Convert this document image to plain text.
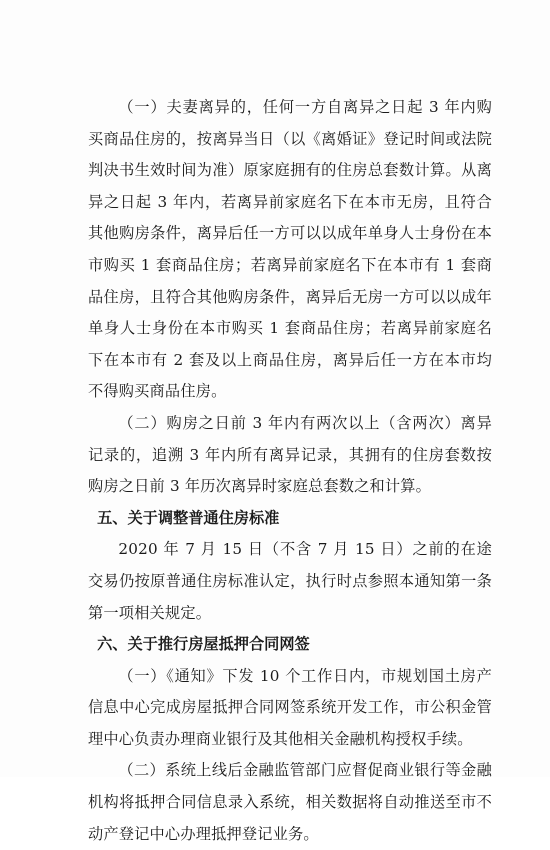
（一）夫妻离异的，任何一方自离异之日起 3 年内购买商品住房的，按离异当日（以《离婚证》登记时间或法院判决书生效时间为准）原家庭拥有的住房总套数计算。从离异之日起 3 年内，若离异前家庭名下在本市无房，且符合其他购房条件，离异后任一方可以以成年单身人士身份在本市购买 1 套商品住房；若离异前家庭名下在本市有 1 套商品住房，且符合其他购房条件，离异后无房一方可以以成年单身人士身份在本市购买 1 套商品住房；若离异前家庭名下在本市有 2 套及以上商品住房，离异后任一方在本市均不得购买商品住房。

（二）购房之日前 3 年内有两次以上（含两次）离异记录的，追溯 3 年内所有离异记录，其拥有的住房套数按购房之日前 3 年历次离异时家庭总套数之和计算。

五、关于调整普通住房标准

2020 年 7 月 15 日（不含 7 月 15 日）之前的在途交易仍按原普通住房标准认定，执行时点参照本通知第一条第一项相关规定。

六、关于推行房屋抵押合同网签

（一）《通知》下发 10 个工作日内，市规划国土房产信息中心完成房屋抵押合同网签系统开发工作，市公积金管理中心负责办理商业银行及其他相关金融机构授权手续。

（二）系统上线后金融监管部门应督促商业银行等金融机构将抵押合同信息录入系统，相关数据将自动推送至市不动产登记中心办理抵押登记业务。
